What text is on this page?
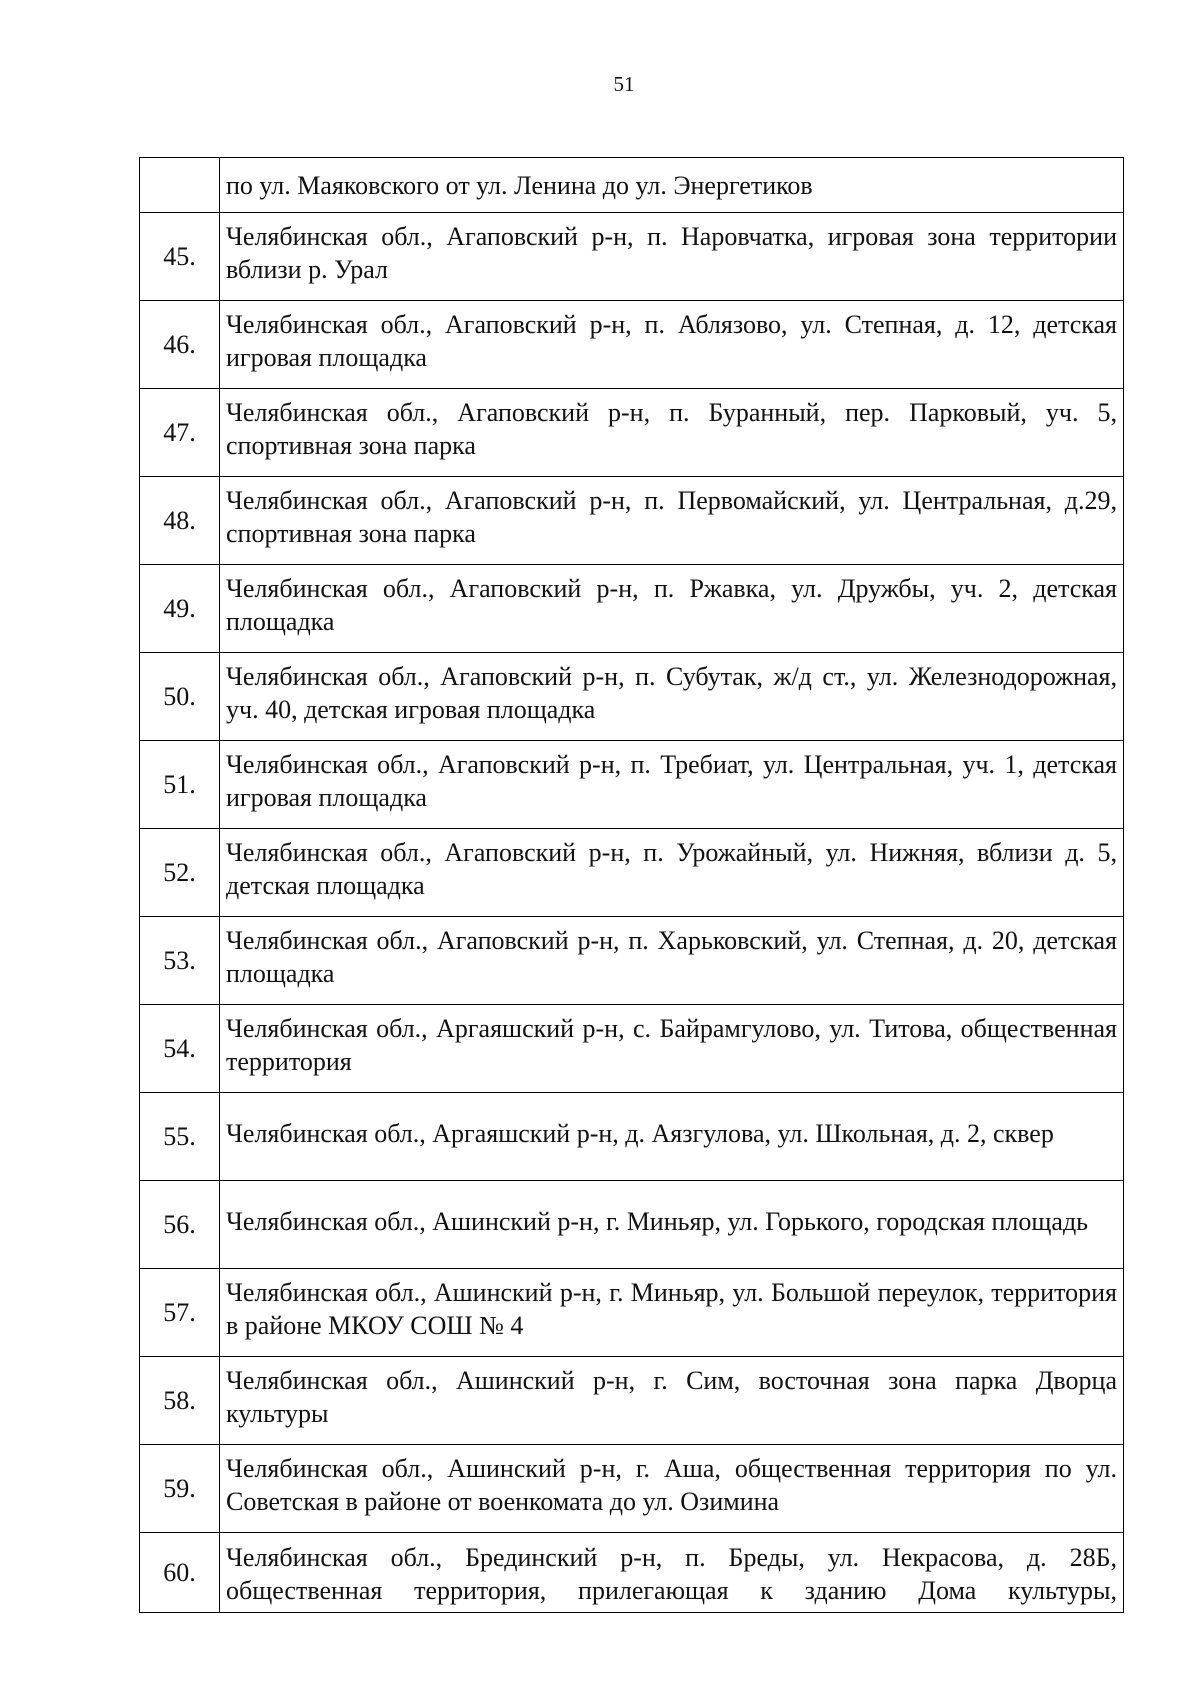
51
	по ул. Маяковского от ул. Ленина до ул. Энергетиков
45.	Челябинская обл., Агаповский р-н, п. Наровчатка, игровая зона территории вблизи р. Урал
46.	Челябинская обл., Агаповский р-н, п. Аблязово, ул. Степная, д. 12, детская игровая площадка
47.	Челябинская обл., Агаповский р-н, п. Буранный, пер. Парковый, уч. 5, спортивная зона парка
48.	Челябинская обл., Агаповский р-н, п. Первомайский, ул. Центральная, д.29, спортивная зона парка
49.	Челябинская обл., Агаповский р-н, п. Ржавка, ул. Дружбы, уч. 2, детская площадка
50.	Челябинская обл., Агаповский р-н, п. Субутак, ж/д ст., ул. Железнодорожная, уч. 40, детская игровая площадка
51.	Челябинская обл., Агаповский р-н, п. Требиат, ул. Центральная, уч. 1, детская игровая площадка
52.	Челябинская обл., Агаповский р-н, п. Урожайный, ул. Нижняя, вблизи д. 5, детская площадка
53.	Челябинская обл., Агаповский р-н, п. Харьковский, ул. Степная, д. 20, детская площадка
54.	Челябинская обл., Аргаяшский р-н, с. Байрамгулово, ул. Титова, общественная территория
55.	Челябинская обл., Аргаяшский р-н, д. Аязгулова, ул. Школьная, д. 2, сквер
56.	Челябинская обл., Ашинский р-н, г. Миньяр, ул. Горького, городская площадь
57.	Челябинская обл., Ашинский р-н, г. Миньяр, ул. Большой переулок, территория в районе МКОУ СОШ № 4
58.	Челябинская обл., Ашинский р-н, г. Сим, восточная зона парка Дворца культуры
59.	Челябинская обл., Ашинский р-н, г. Аша, общественная территория по ул. Советская в районе от военкомата до ул. Озимина
60.	Челябинская обл., Брединский р-н, п. Бреды, ул. Некрасова, д. 28Б, общественная территория, прилегающая к зданию Дома культуры,
